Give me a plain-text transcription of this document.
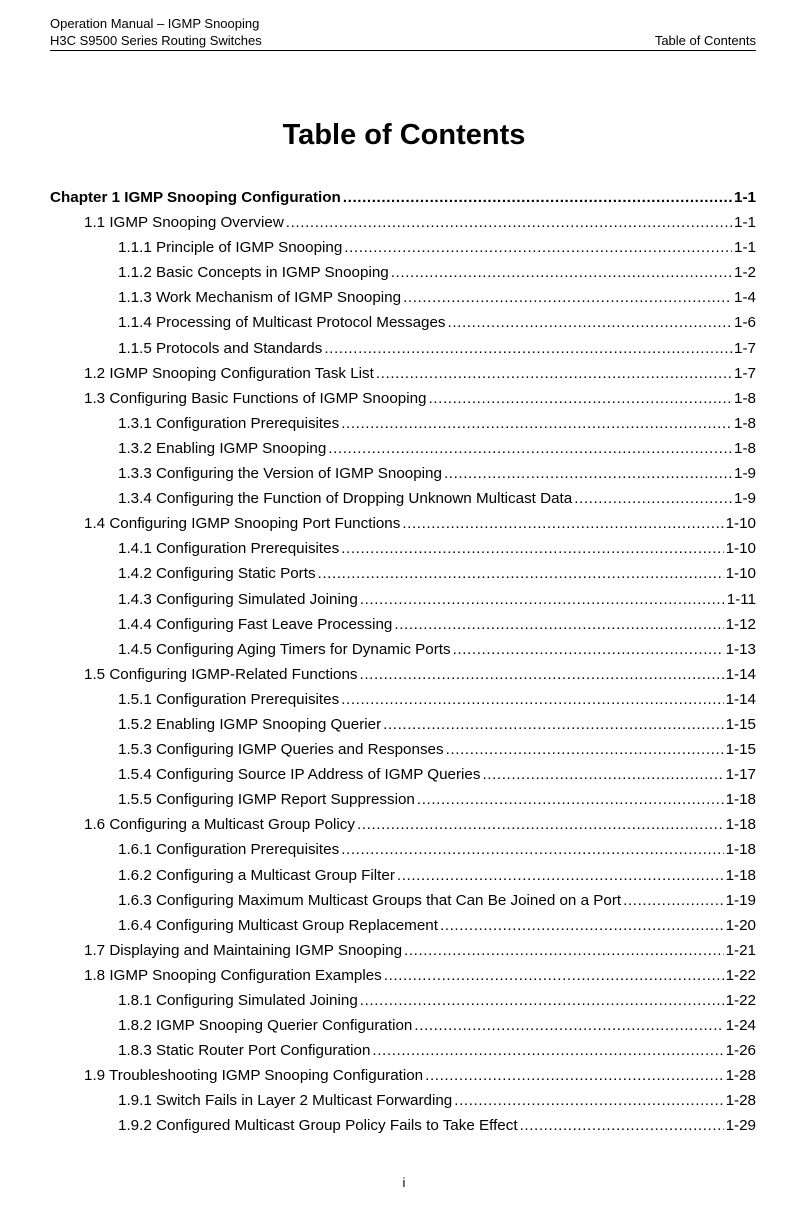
Operation Manual – IGMP Snooping
H3C S9500 Series Routing Switches	Table of Contents
Table of Contents
Chapter 1 IGMP Snooping Configuration .....	1-1
1.1 IGMP Snooping Overview .....	1-1
1.1.1 Principle of IGMP Snooping .....	1-1
1.1.2 Basic Concepts in IGMP Snooping .....	1-2
1.1.3 Work Mechanism of IGMP Snooping .....	1-4
1.1.4 Processing of Multicast Protocol Messages .....	1-6
1.1.5 Protocols and Standards .....	1-7
1.2 IGMP Snooping Configuration Task List .....	1-7
1.3 Configuring Basic Functions of IGMP Snooping .....	1-8
1.3.1 Configuration Prerequisites .....	1-8
1.3.2 Enabling IGMP Snooping .....	1-8
1.3.3 Configuring the Version of IGMP Snooping .....	1-9
1.3.4 Configuring the Function of Dropping Unknown Multicast Data .....	1-9
1.4 Configuring IGMP Snooping Port Functions .....	1-10
1.4.1 Configuration Prerequisites .....	1-10
1.4.2 Configuring Static Ports .....	1-10
1.4.3 Configuring Simulated Joining .....	1-11
1.4.4 Configuring Fast Leave Processing .....	1-12
1.4.5 Configuring Aging Timers for Dynamic Ports .....	1-13
1.5 Configuring IGMP-Related Functions .....	1-14
1.5.1 Configuration Prerequisites .....	1-14
1.5.2 Enabling IGMP Snooping Querier .....	1-15
1.5.3 Configuring IGMP Queries and Responses .....	1-15
1.5.4 Configuring Source IP Address of IGMP Queries .....	1-17
1.5.5 Configuring IGMP Report Suppression .....	1-18
1.6 Configuring a Multicast Group Policy .....	1-18
1.6.1 Configuration Prerequisites .....	1-18
1.6.2 Configuring a Multicast Group Filter .....	1-18
1.6.3 Configuring Maximum Multicast Groups that Can Be Joined on a Port .....	1-19
1.6.4 Configuring Multicast Group Replacement .....	1-20
1.7 Displaying and Maintaining IGMP Snooping .....	1-21
1.8 IGMP Snooping Configuration Examples .....	1-22
1.8.1 Configuring Simulated Joining .....	1-22
1.8.2 IGMP Snooping Querier Configuration .....	1-24
1.8.3 Static Router Port Configuration .....	1-26
1.9 Troubleshooting IGMP Snooping Configuration .....	1-28
1.9.1 Switch Fails in Layer 2 Multicast Forwarding .....	1-28
1.9.2 Configured Multicast Group Policy Fails to Take Effect .....	1-29
i
